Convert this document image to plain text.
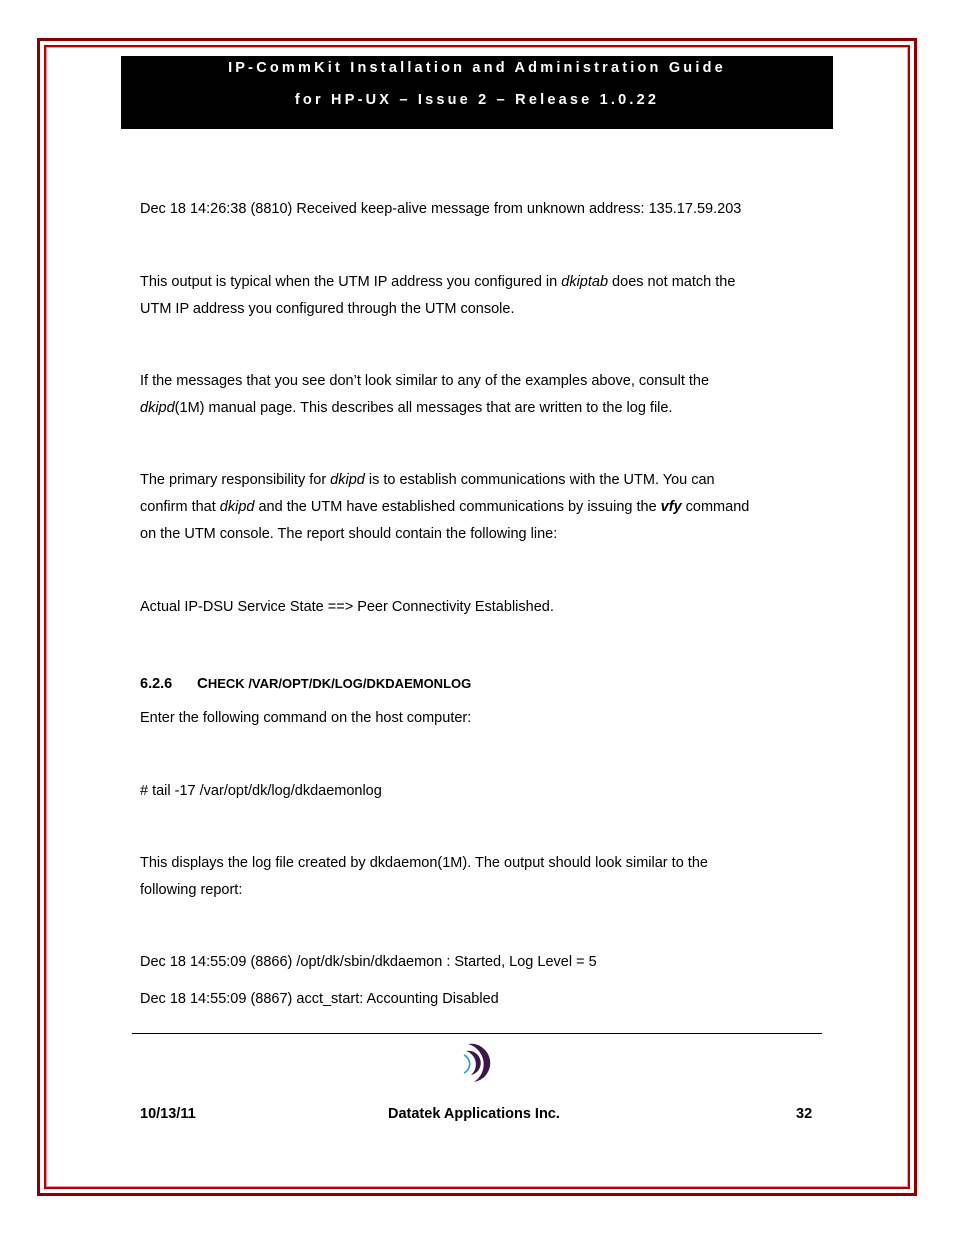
IP-CommKit Installation and Administration Guide
for HP-UX – Issue 2 – Release 1.0.22
Dec 18 14:26:38 (8810) Received keep-alive message from unknown address: 135.17.59.203
This output is typical when the UTM IP address you configured in dkiptab does not match the
UTM IP address you configured through the UTM console.
If the messages that you see don’t look similar to any of the examples above, consult the
dkipd(1M) manual page. This describes all messages that are written to the log file.
The primary responsibility for dkipd is to establish communications with the UTM. You can
confirm that dkipd and the UTM have established communications by issuing the vfy command
on the UTM console. The report should contain the following line:
Actual IP-DSU Service State ==> Peer Connectivity Established.
6.2.6 CHECK /VAR/OPT/DK/LOG/DKDAEMONLOG
Enter the following command on the host computer:
# tail -17 /var/opt/dk/log/dkdaemonlog
This displays the log file created by dkdaemon(1M). The output should look similar to the
following report:
Dec 18 14:55:09 (8866) /opt/dk/sbin/dkdaemon : Started, Log Level = 5
Dec 18 14:55:09 (8867) acct_start: Accounting Disabled
10/13/11	Datatek Applications Inc.	32
